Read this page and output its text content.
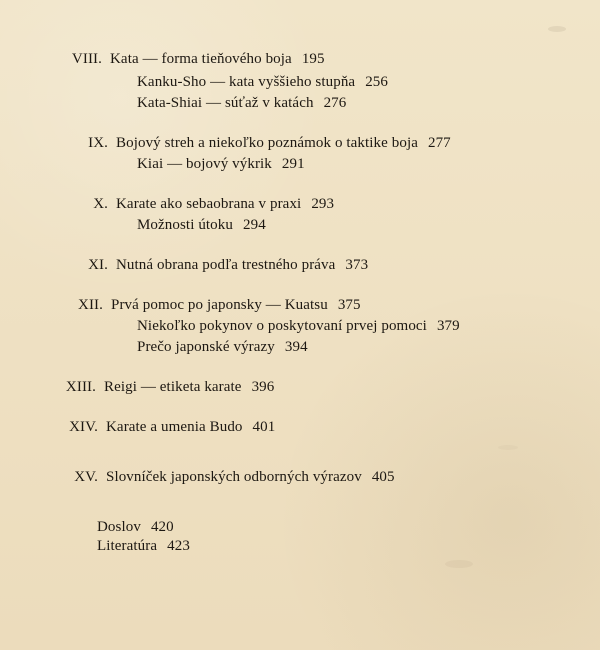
VIII. Kata — forma tieňového boja 195
Kanku-Sho — kata vyššieho stupňa 256
Kata-Shiai — súťaž v katách 276
IX. Bojový streh a niekoľko poznámok o taktike boja 277
Kiai — bojový výkrik 291
X. Karate ako sebaobrana v praxi 293
Možnosti útoku 294
XI. Nutná obrana podľa trestného práva 373
XII. Prvá pomoc po japonsky — Kuatsu 375
Niekoľko pokynov o poskytovaní prvej pomoci 379
Prečo japonské výrazy 394
XIII. Reigi — etiketa karate 396
XIV. Karate a umenia Budo 401
XV. Slovníček japonských odborných výrazov 405
Doslov 420
Literatúra 423
